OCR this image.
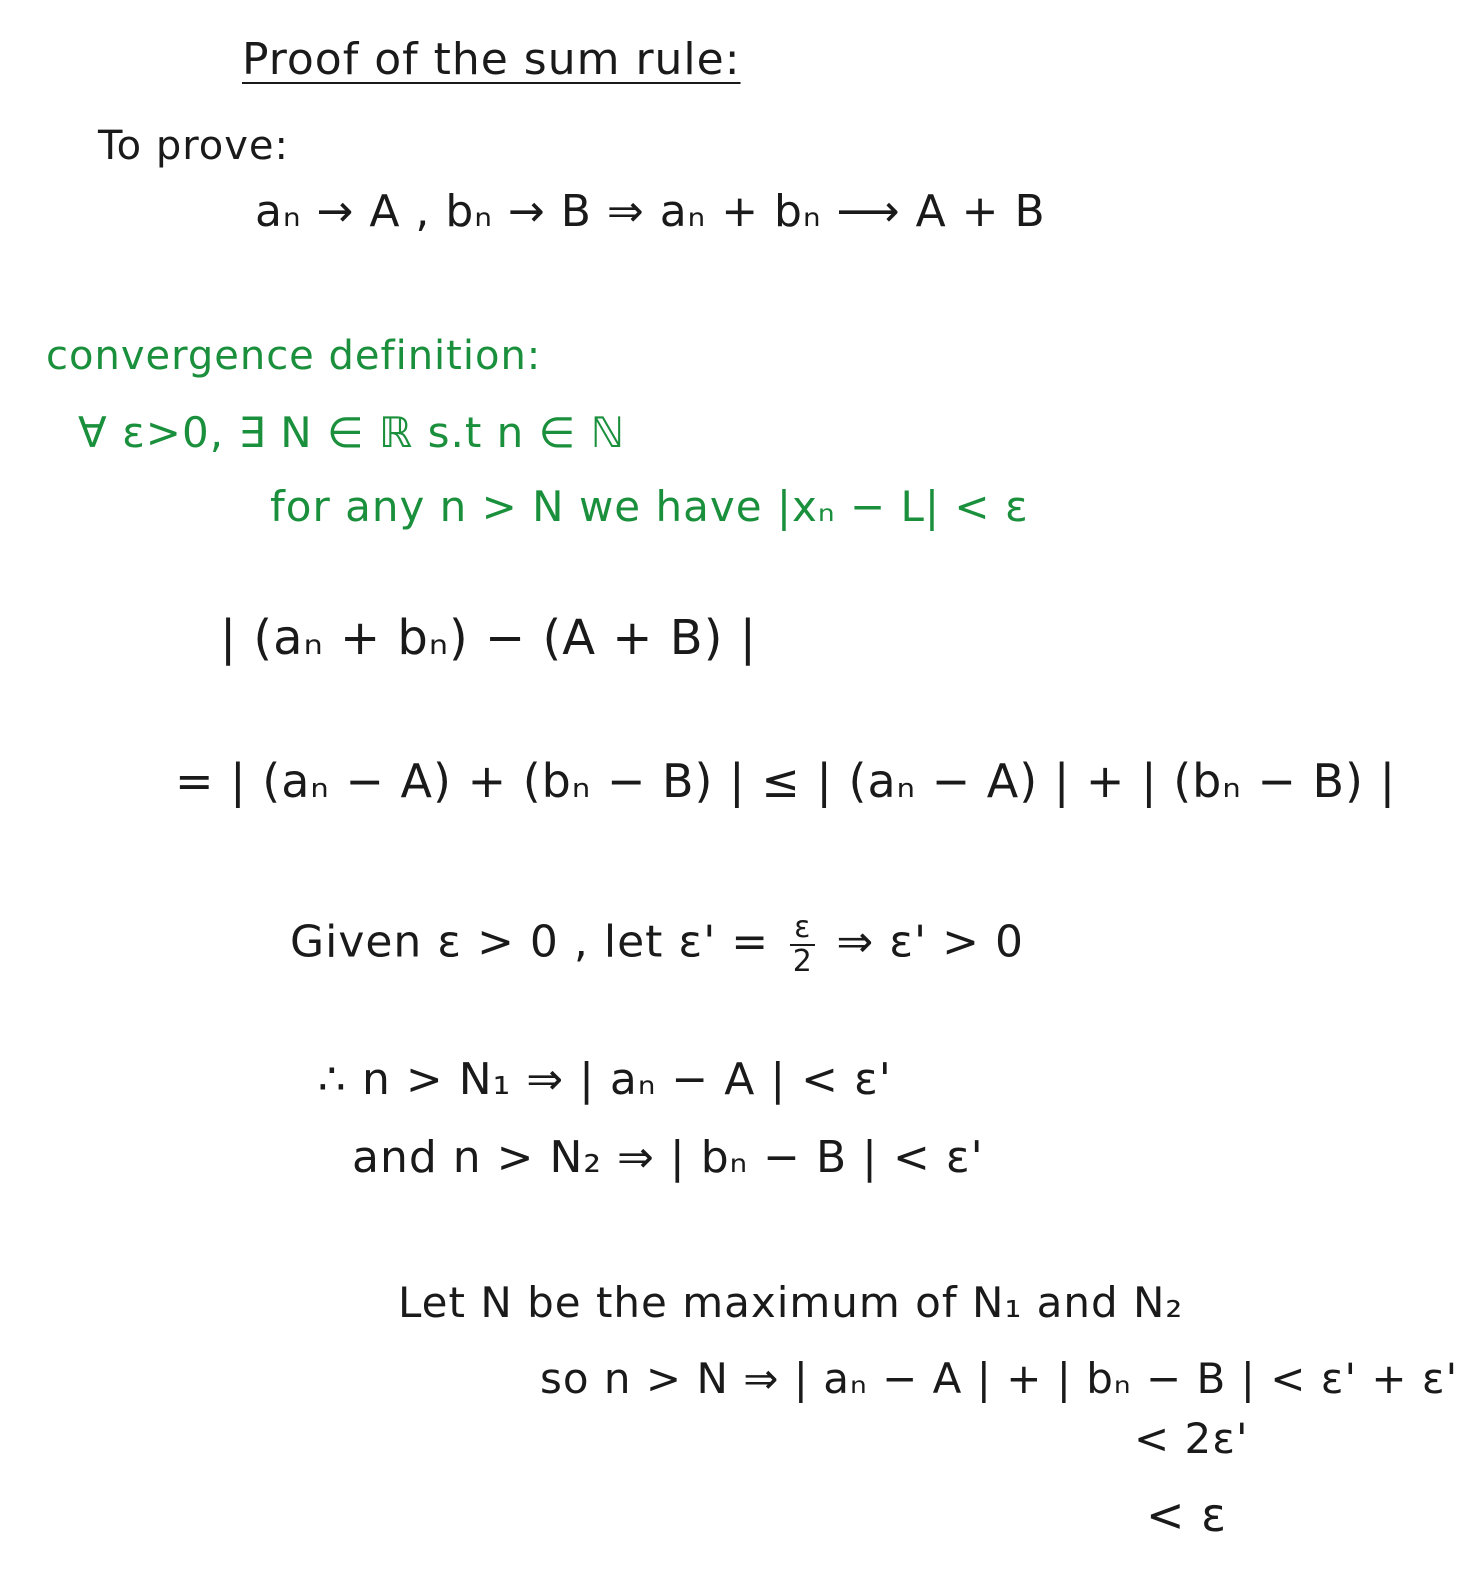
Proof of the sum rule:
To prove:
aₙ → A , bₙ → B ⇒ aₙ + bₙ ⟶ A + B
convergence definition:
∀ ε>0, ∃ N ∈ ℝ s.t n ∈ ℕ
for any n > N we have |xₙ − L| < ε
| (aₙ + bₙ) − (A + B) |
= | (aₙ − A) + (bₙ − B) | ≤ | (aₙ − A) | + | (bₙ − B) |
Given ε > 0 , let $\varepsilon' = \frac{\varepsilon}{2}$ ⇒ ε' > 0
∴ n > N₁ ⇒ | aₙ − A | < ε'
and n > N₂ ⇒ | bₙ − B | < ε'
Let N be the maximum of N₁ and N₂
so n > N ⇒ | aₙ − A | + | bₙ − B | < ε' + ε'
< 2ε'
< ε
